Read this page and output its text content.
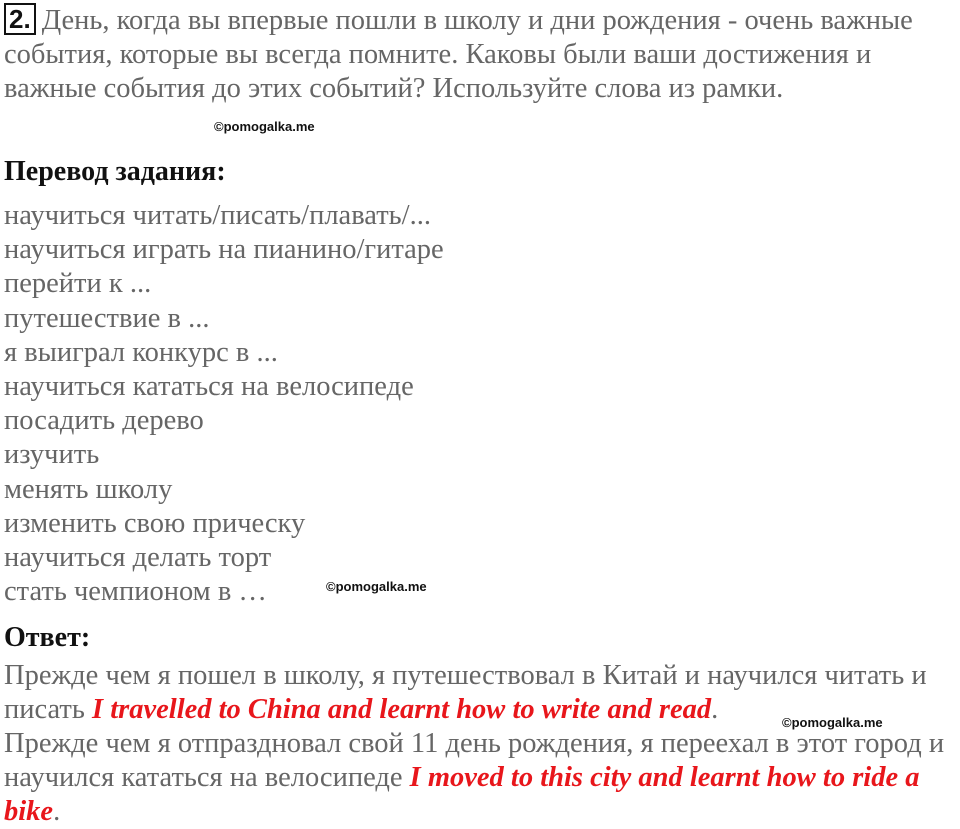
2. День, когда вы впервые пошли в школу и дни рождения - очень важные события, которые вы всегда помните. Каковы были ваши достижения и важные события до этих событий? Используйте слова из рамки.

©pomogalka.me
Перевод задания:
научиться читать/писать/плавать/...
научиться играть на пианино/гитаре
перейти к ...
путешествие в ...
я выиграл конкурс в ...
научиться кататься на велосипеде
посадить дерево
изучить
менять школу
изменить свою прическу
научиться делать торт
стать чемпионом в …	©pomogalka.me
Ответ:
Прежде чем я пошел в школу, я путешествовал в Китай и научился читать и писать I travelled to China and learnt how to write and read.
Прежде чем я отпраздновал свой 11 день рождения, я переехал в этот город и научился кататься на велосипеде I moved to this city and learnt how to ride a bike.
©pomogalka.me
